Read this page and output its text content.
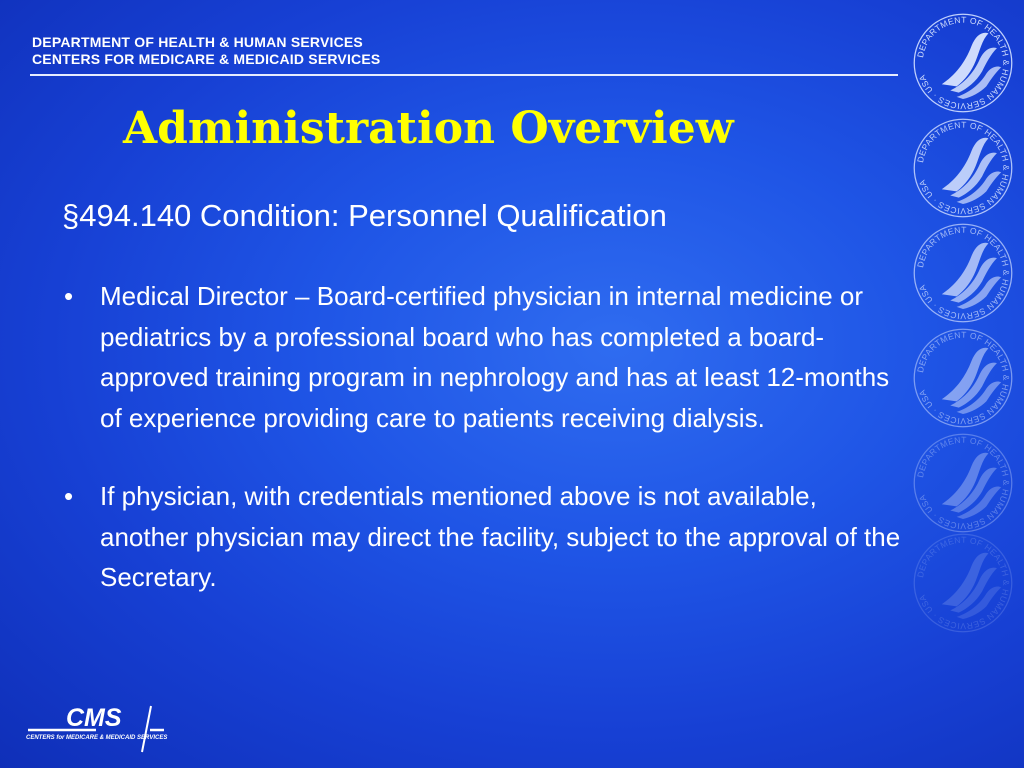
DEPARTMENT OF HEALTH & HUMAN SERVICES
CENTERS FOR MEDICARE & MEDICAID SERVICES
Administration Overview
§494.140 Condition: Personnel Qualification
• Medical Director – Board-certified physician in internal medicine or pediatrics by a professional board who has completed a board-approved training program in nephrology and has at least 12-months of experience providing care to patients receiving dialysis.
• If physician, with credentials mentioned above is not available, another physician may direct the facility, subject to the approval of the Secretary.
CMS
CENTERS for MEDICARE & MEDICAID SERVICES
